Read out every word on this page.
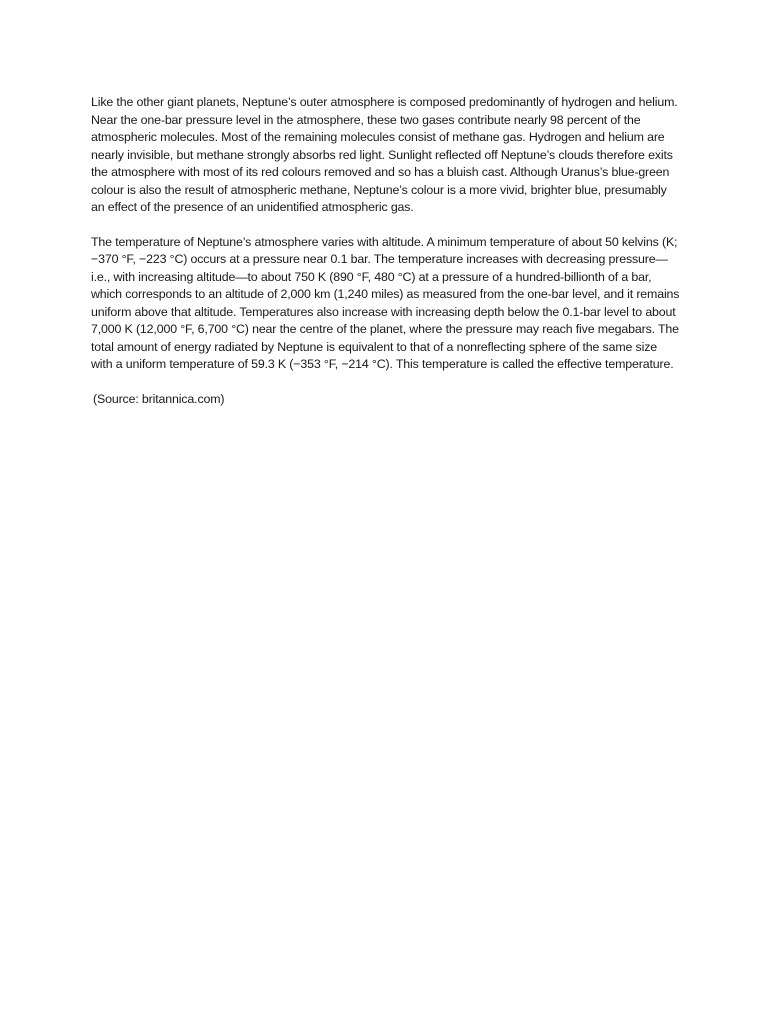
Like the other giant planets, Neptune’s outer atmosphere is composed predominantly of hydrogen and helium. Near the one-bar pressure level in the atmosphere, these two gases contribute nearly 98 percent of the atmospheric molecules. Most of the remaining molecules consist of methane gas. Hydrogen and helium are nearly invisible, but methane strongly absorbs red light. Sunlight reflected off Neptune’s clouds therefore exits the atmosphere with most of its red colours removed and so has a bluish cast. Although Uranus’s blue-green colour is also the result of atmospheric methane, Neptune’s colour is a more vivid, brighter blue, presumably an effect of the presence of an unidentified atmospheric gas.

The temperature of Neptune’s atmosphere varies with altitude. A minimum temperature of about 50 kelvins (K; −370 °F, −223 °C) occurs at a pressure near 0.1 bar. The temperature increases with decreasing pressure—i.e., with increasing altitude—to about 750 K (890 °F, 480 °C) at a pressure of a hundred-billionth of a bar, which corresponds to an altitude of 2,000 km (1,240 miles) as measured from the one-bar level, and it remains uniform above that altitude. Temperatures also increase with increasing depth below the 0.1-bar level to about 7,000 K (12,000 °F, 6,700 °C) near the centre of the planet, where the pressure may reach five megabars. The total amount of energy radiated by Neptune is equivalent to that of a nonreflecting sphere of the same size with a uniform temperature of 59.3 K (−353 °F, −214 °C). This temperature is called the effective temperature.

(Source: britannica.com)
